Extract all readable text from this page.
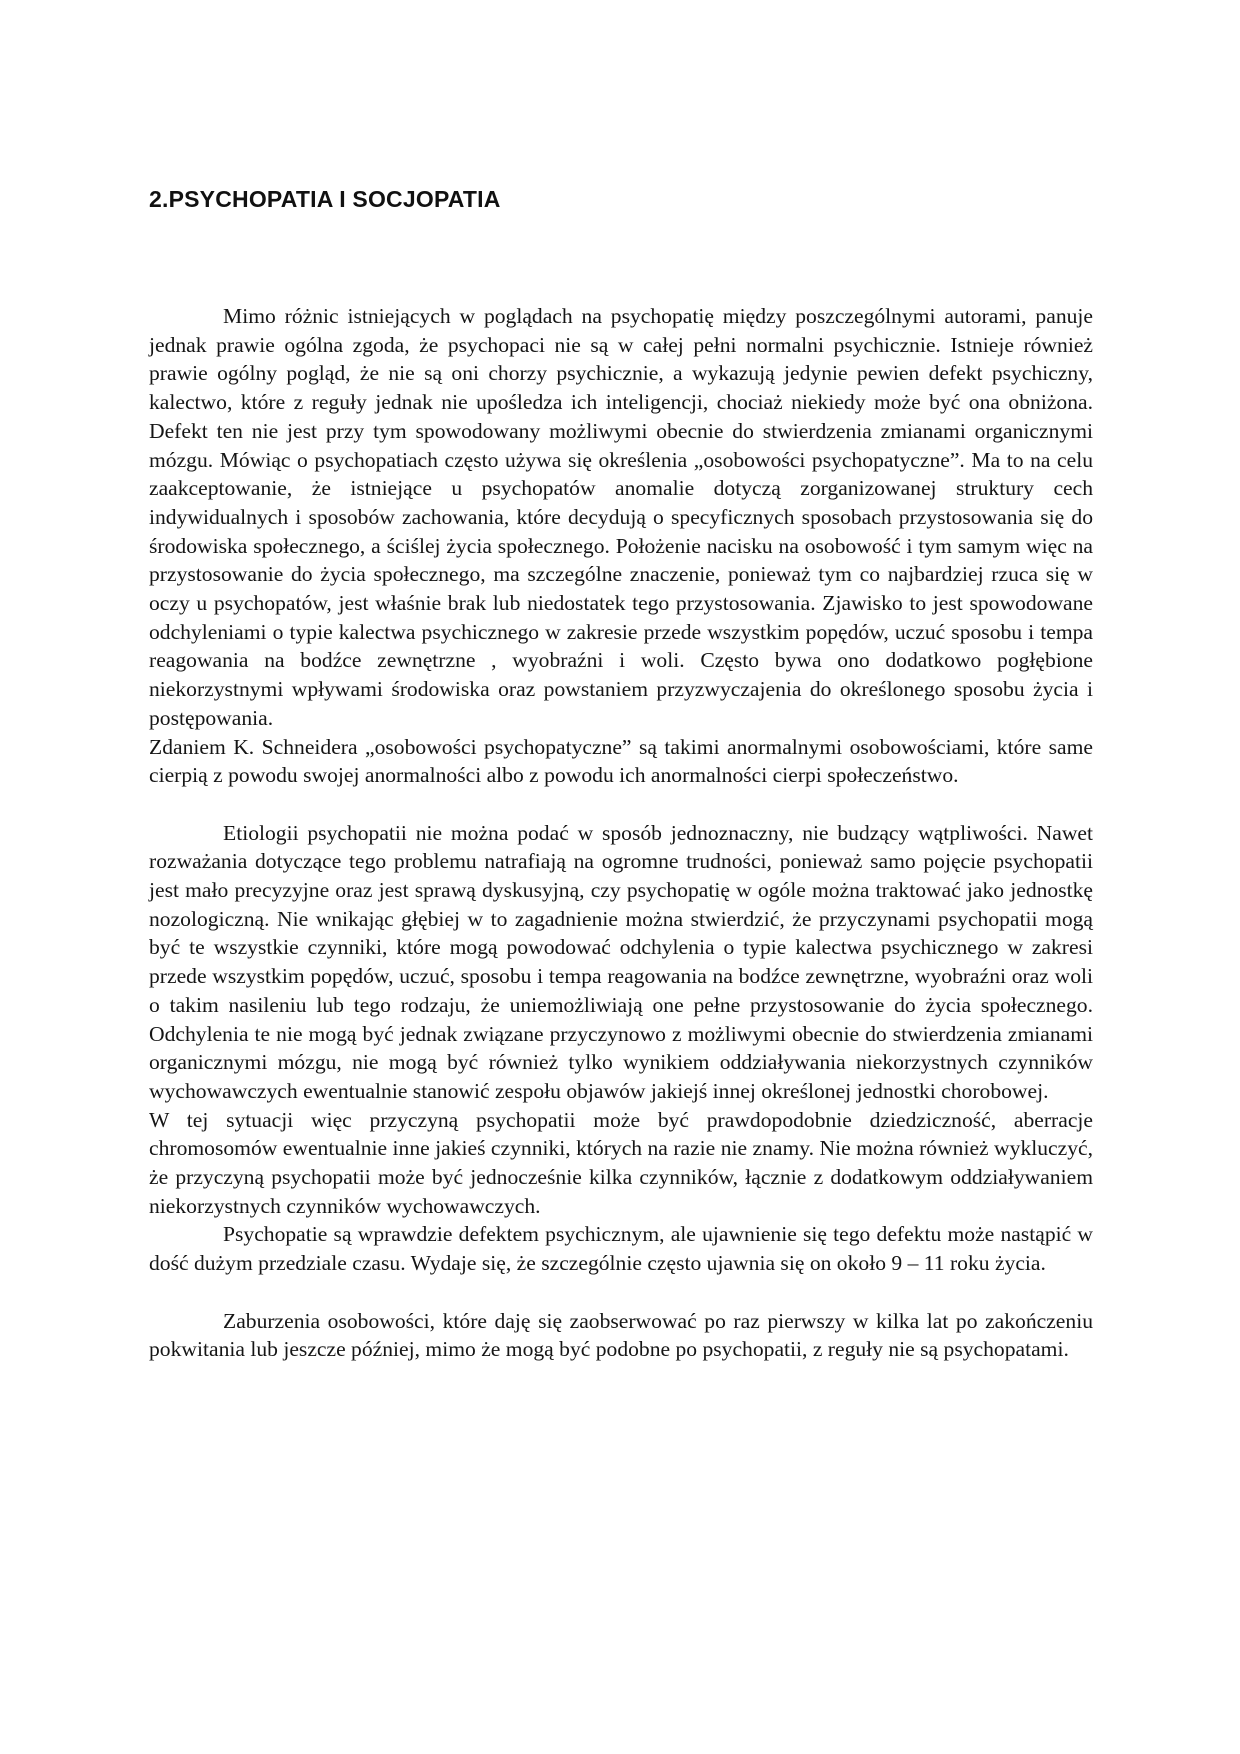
2.PSYCHOPATIA I SOCJOPATIA

Mimo różnic istniejących w poglądach na psychopatię między poszczególnymi autorami, panuje jednak prawie ogólna zgoda, że psychopaci nie są w całej pełni normalni psychicznie. Istnieje również prawie ogólny pogląd, że nie są oni chorzy psychicznie, a wykazują jedynie pewien defekt psychiczny, kalectwo, które z reguły jednak nie upośledza ich inteligencji, chociaż niekiedy może być ona obniżona. Defekt ten nie jest przy tym spowodowany możliwymi obecnie do stwierdzenia zmianami organicznymi mózgu. Mówiąc o psychopatiach często używa się określenia „osobowości psychopatyczne”. Ma to na celu zaakceptowanie, że istniejące u psychopatów anomalie dotyczą zorganizowanej struktury cech indywidualnych i sposobów zachowania, które decydują o specyficznych sposobach przystosowania się do środowiska społecznego, a ściślej życia społecznego. Położenie nacisku na osobowość i tym samym więc na przystosowanie do życia społecznego, ma szczególne znaczenie, ponieważ tym co najbardziej rzuca się w oczy u psychopatów, jest właśnie brak lub niedostatek tego przystosowania. Zjawisko to jest spowodowane odchyleniami o typie kalectwa psychicznego w zakresie przede wszystkim popędów, uczuć sposobu i tempa reagowania na bodźce zewnętrzne , wyobraźni i woli. Często bywa ono dodatkowo pogłębione niekorzystnymi wpływami środowiska oraz powstaniem przyzwyczajenia do określonego sposobu życia i postępowania.

Zdaniem K. Schneidera „osobowości psychopatyczne” są takimi anormalnymi osobowościami, które same cierpią z powodu swojej anormalności albo z powodu ich anormalności cierpi społeczeństwo.

Etiologii psychopatii nie można podać w sposób jednoznaczny, nie budzący wątpliwości. Nawet rozważania dotyczące tego problemu natrafiają na ogromne trudności, ponieważ samo pojęcie psychopatii jest mało precyzyjne oraz jest sprawą dyskusyjną, czy psychopatię w ogóle można traktować jako jednostkę nozologiczną. Nie wnikając głębiej w to zagadnienie można stwierdzić, że przyczynami psychopatii mogą być te wszystkie czynniki, które mogą powodować odchylenia o typie kalectwa psychicznego w zakresi przede wszystkim popędów, uczuć, sposobu i tempa reagowania na bodźce zewnętrzne, wyobraźni oraz woli o takim nasileniu lub tego rodzaju, że uniemożliwiają one pełne przystosowanie do życia społecznego. Odchylenia te nie mogą być jednak związane przyczynowo z możliwymi obecnie do stwierdzenia zmianami organicznymi mózgu, nie mogą być również tylko wynikiem oddziaływania niekorzystnych czynników wychowawczych ewentualnie stanowić zespołu objawów jakiejś innej określonej jednostki chorobowej.

W tej sytuacji więc przyczyną psychopatii może być prawdopodobnie dziedziczność, aberracje chromosomów ewentualnie inne jakieś czynniki, których na razie nie znamy. Nie można również wykluczyć, że przyczyną psychopatii może być jednocześnie kilka czynników, łącznie z dodatkowym oddziaływaniem niekorzystnych czynników wychowawczych.

Psychopatie są wprawdzie defektem psychicznym, ale ujawnienie się tego defektu może nastąpić w dość dużym przedziale czasu. Wydaje się, że szczególnie często ujawnia się on około 9 – 11 roku życia.

Zaburzenia osobowości, które daję się zaobserwować po raz pierwszy w kilka lat po zakończeniu pokwitania lub jeszcze później, mimo że mogą być podobne po psychopatii, z reguły nie są psychopatami.
